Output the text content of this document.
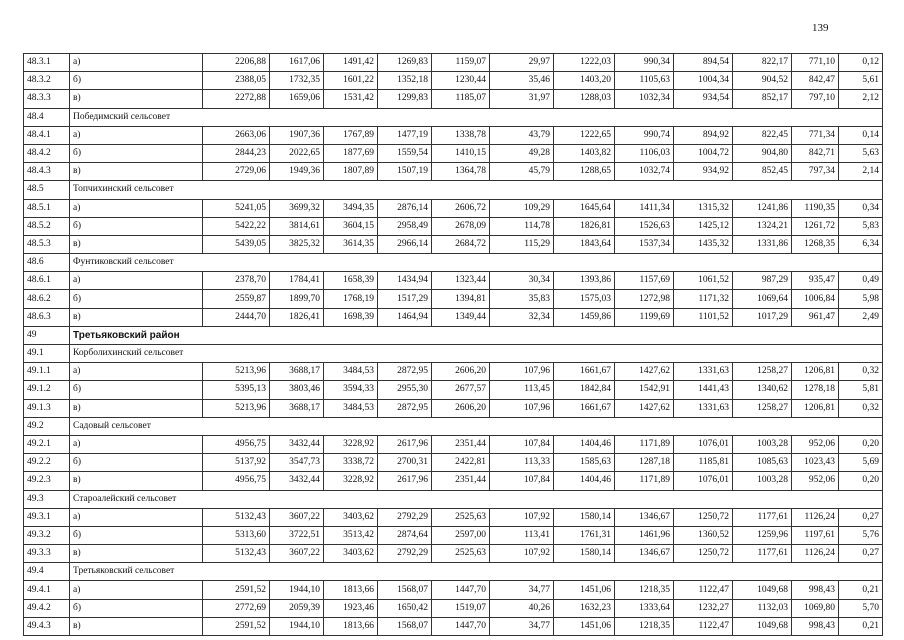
139
48.3.1	а)	2206,88	1617,06	1491,42	1269,83	1159,07	29,97	1222,03	990,34	894,54	822,17	771,10	0,12
48.3.2	б)	2388,05	1732,35	1601,22	1352,18	1230,44	35,46	1403,20	1105,63	1004,34	904,52	842,47	5,61
48.3.3	в)	2272,88	1659,06	1531,42	1299,83	1185,07	31,97	1288,03	1032,34	934,54	852,17	797,10	2,12
48.4	Победимский сельсовет												
48.4.1	а)	2663,06	1907,36	1767,89	1477,19	1338,78	43,79	1222,65	990,74	894,92	822,45	771,34	0,14
48.4.2	б)	2844,23	2022,65	1877,69	1559,54	1410,15	49,28	1403,82	1106,03	1004,72	904,80	842,71	5,63
48.4.3	в)	2729,06	1949,36	1807,89	1507,19	1364,78	45,79	1288,65	1032,74	934,92	852,45	797,34	2,14
48.5	Топчихинский сельсовет												
48.5.1	а)	5241,05	3699,32	3494,35	2876,14	2606,72	109,29	1645,64	1411,34	1315,32	1241,86	1190,35	0,34
48.5.2	б)	5422,22	3814,61	3604,15	2958,49	2678,09	114,78	1826,81	1526,63	1425,12	1324,21	1261,72	5,83
48.5.3	в)	5439,05	3825,32	3614,35	2966,14	2684,72	115,29	1843,64	1537,34	1435,32	1331,86	1268,35	6,34
48.6	Фунтиковский сельсовет												
48.6.1	а)	2378,70	1784,41	1658,39	1434,94	1323,44	30,34	1393,86	1157,69	1061,52	987,29	935,47	0,49
48.6.2	б)	2559,87	1899,70	1768,19	1517,29	1394,81	35,83	1575,03	1272,98	1171,32	1069,64	1006,84	5,98
48.6.3	в)	2444,70	1826,41	1698,39	1464,94	1349,44	32,34	1459,86	1199,69	1101,52	1017,29	961,47	2,49
49	Третьяковский район												
49.1	Корболихинский сельсовет												
49.1.1	а)	5213,96	3688,17	3484,53	2872,95	2606,20	107,96	1661,67	1427,62	1331,63	1258,27	1206,81	0,32
49.1.2	б)	5395,13	3803,46	3594,33	2955,30	2677,57	113,45	1842,84	1542,91	1441,43	1340,62	1278,18	5,81
49.1.3	в)	5213,96	3688,17	3484,53	2872,95	2606,20	107,96	1661,67	1427,62	1331,63	1258,27	1206,81	0,32
49.2	Садовый сельсовет												
49.2.1	а)	4956,75	3432,44	3228,92	2617,96	2351,44	107,84	1404,46	1171,89	1076,01	1003,28	952,06	0,20
49.2.2	б)	5137,92	3547,73	3338,72	2700,31	2422,81	113,33	1585,63	1287,18	1185,81	1085,63	1023,43	5,69
49.2.3	в)	4956,75	3432,44	3228,92	2617,96	2351,44	107,84	1404,46	1171,89	1076,01	1003,28	952,06	0,20
49.3	Староалейский сельсовет												
49.3.1	а)	5132,43	3607,22	3403,62	2792,29	2525,63	107,92	1580,14	1346,67	1250,72	1177,61	1126,24	0,27
49.3.2	б)	5313,60	3722,51	3513,42	2874,64	2597,00	113,41	1761,31	1461,96	1360,52	1259,96	1197,61	5,76
49.3.3	в)	5132,43	3607,22	3403,62	2792,29	2525,63	107,92	1580,14	1346,67	1250,72	1177,61	1126,24	0,27
49.4	Третьяковский сельсовет												
49.4.1	а)	2591,52	1944,10	1813,66	1568,07	1447,70	34,77	1451,06	1218,35	1122,47	1049,68	998,43	0,21
49.4.2	б)	2772,69	2059,39	1923,46	1650,42	1519,07	40,26	1632,23	1333,64	1232,27	1132,03	1069,80	5,70
49.4.3	в)	2591,52	1944,10	1813,66	1568,07	1447,70	34,77	1451,06	1218,35	1122,47	1049,68	998,43	0,21
